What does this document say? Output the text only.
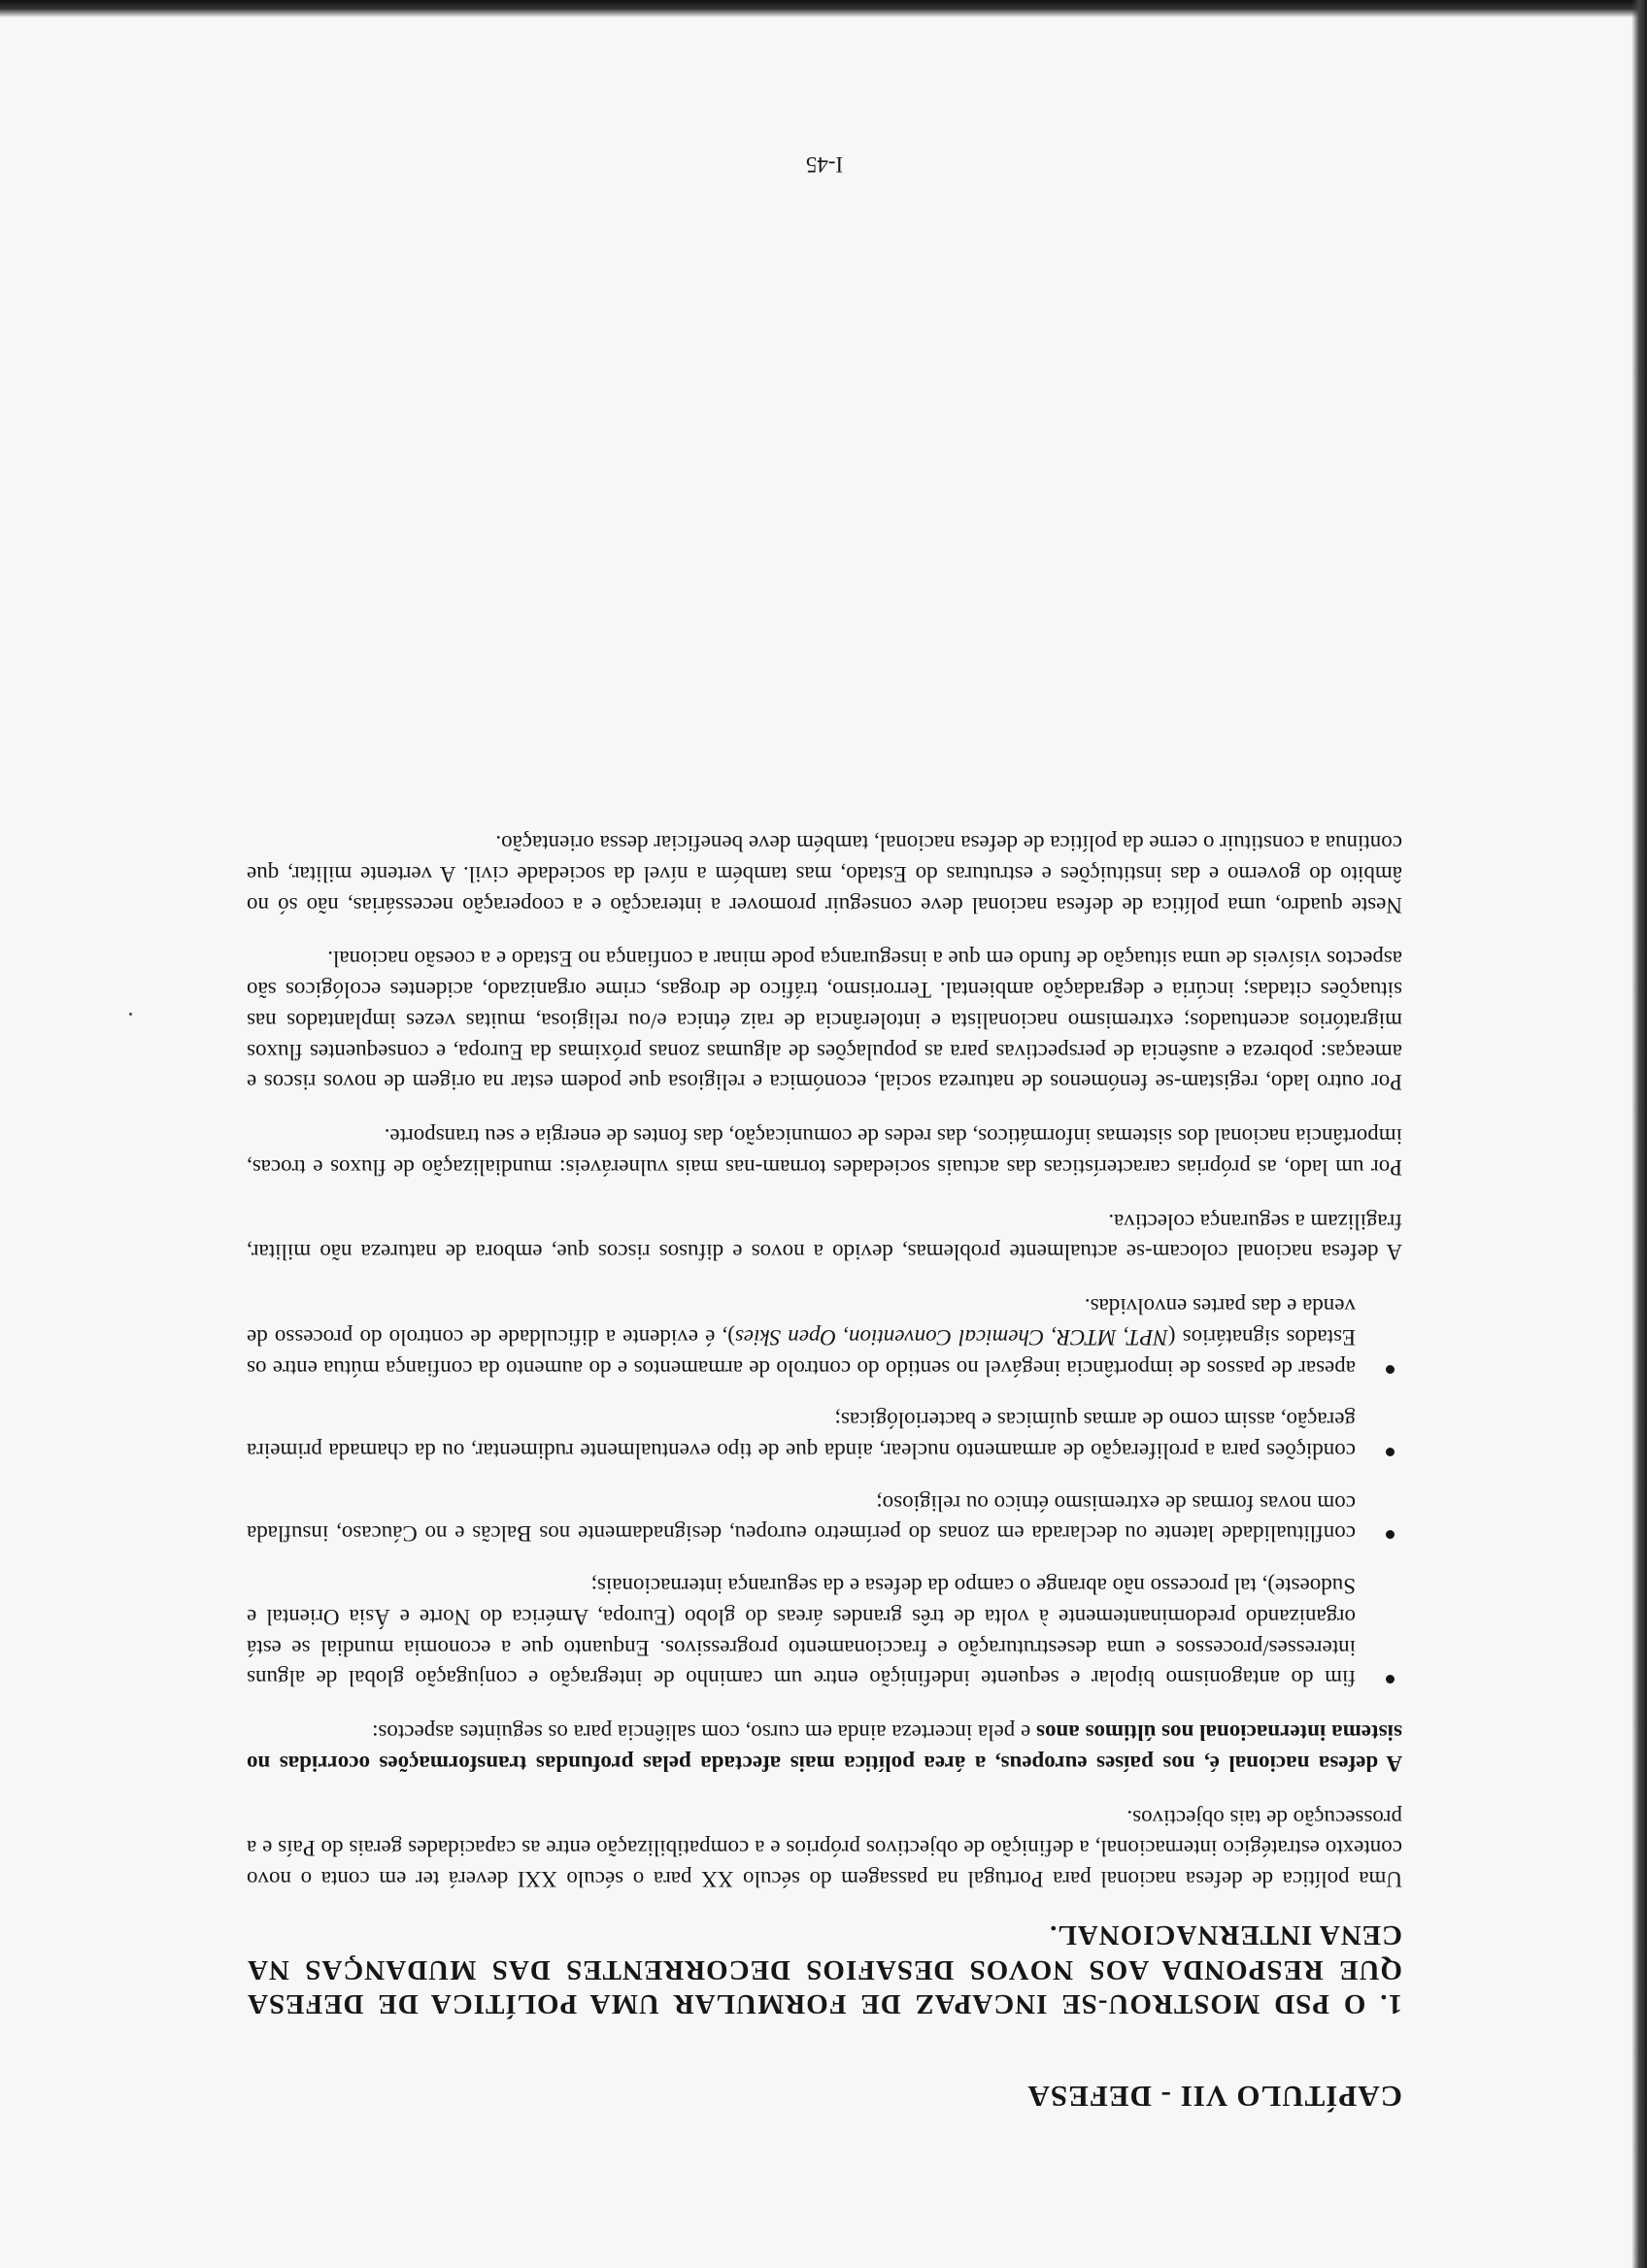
CAPÍTULO VII - DEFESA
1. O PSD MOSTROU-SE INCAPAZ DE FORMULAR UMA POLÍTICA DE DEFESA QUE RESPONDA AOS NOVOS DESAFIOS DECORRENTES DAS MUDANÇAS NA CENA INTERNACIONAL.

Uma política de defesa nacional para Portugal na passagem do século XX para o século XXI deverá ter em conta o novo contexto estratégico internacional, a definição de objectivos próprios e a compatibilização entre as capacidades gerais do País e a prossecução de tais objectivos.

A defesa nacional é, nos países europeus, a área política mais afectada pelas profundas transformações ocorridas no sistema internacional nos últimos anos e pela incerteza ainda em curso, com saliência para os seguintes aspectos:

fim do antagonismo bipolar e sequente indefinição entre um caminho de integração e conjugação global de alguns interesses/processos e uma desestruturação e fraccionamento progressivos. Enquanto que a economia mundial se está organizando predominantemente à volta de três grandes áreas do globo (Europa, América do Norte e Ásia Oriental e Sudoeste), tal processo não abrange o campo da defesa e da segurança internacionais;
conflitualidade latente ou declarada em zonas do perímetro europeu, designadamente nos Balcãs e no Cáucaso, insuflada com novas formas de extremismo étnico ou religioso;
condições para a proliferação de armamento nuclear, ainda que de tipo eventualmente rudimentar, ou da chamada primeira geração, assim como de armas químicas e bacteriológicas;
apesar de passos de importância inegável no sentido do controlo de armamentos e do aumento da confiança mútua entre os Estados signatários (NPT, MTCR, Chemical Convention, Open Skies), é evidente a dificuldade de controlo do processo de venda e das partes envolvidas.

A defesa nacional colocam-se actualmente problemas, devido a novos e difusos riscos que, embora de natureza não militar, fragilizam a segurança colectiva.

Por um lado, as próprias características das actuais sociedades tornam-nas mais vulneráveis: mundialização de fluxos e trocas, importância nacional dos sistemas informáticos, das redes de comunicação, das fontes de energia e seu transporte.

Por outro lado, registam-se fenómenos de natureza social, económica e religiosa que podem estar na origem de novos riscos e ameaças: pobreza e ausência de perspectivas para as populações de algumas zonas próximas da Europa, e consequentes fluxos migratórios acentuados; extremismo nacionalista e intolerância de raiz étnica e/ou religiosa, muitas vezes implantados nas situações citadas; incúria e degradação ambiental. Terrorismo, tráfico de drogas, crime organizado, acidentes ecológicos são aspectos visíveis de uma situação de fundo em que a insegurança pode minar a confiança no Estado e a coesão nacional.

Neste quadro, uma política de defesa nacional deve conseguir promover a interacção e a cooperação necessárias, não só no âmbito do governo e das instituições e estruturas do Estado, mas também a nível da sociedade civil. A vertente militar, que continua a constituir o cerne da política de defesa nacional, também deve beneficiar dessa orientação.

I-45
